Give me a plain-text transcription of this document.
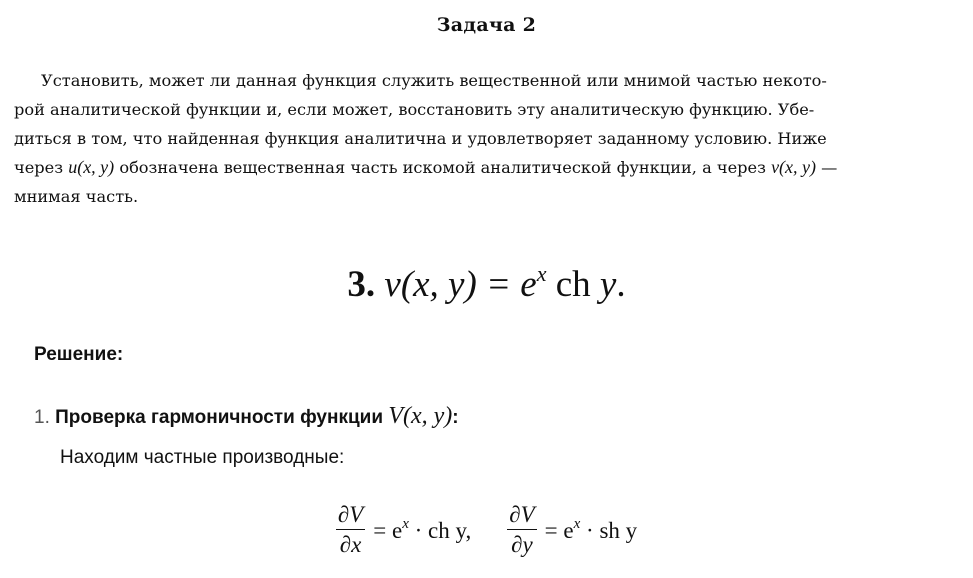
Задача 2
Установить, может ли данная функция служить вещественной или мнимой частью некото-
рой аналитической функции и, если может, восстановить эту аналитическую функцию. Убе-
диться в том, что найденная функция аналитична и удовлетворяет заданному условию. Ниже
через u(x, y) обозначена вещественная часть искомой аналитической функции, а через v(x, y) —
мнимая часть.
3. v(x, $y) = e^x$ ch y.
Решение:
1. Проверка гармоничности функции V(x, y):
Находим частные производные:
$\frac{\partial V}{\partial x} = e^x$ · ch y, $\frac{\partial V}{\partial y} = e^x$ · sh y
